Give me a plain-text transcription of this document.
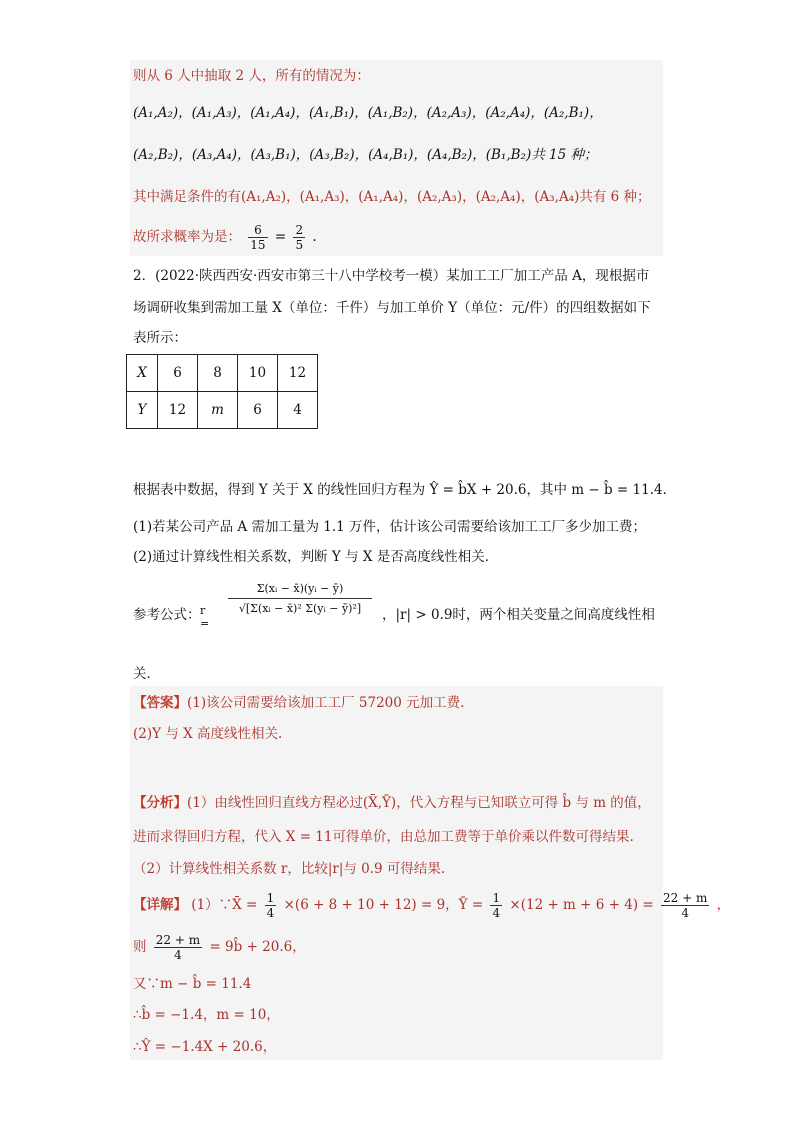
则从 6 人中抽取 2 人，所有的情况为：
(A₁,A₂)，(A₁,A₃)，(A₁,A₄)，(A₁,B₁)，(A₁,B₂)，(A₂,A₃)，(A₂,A₄)，(A₂,B₁)，
(A₂,B₂)，(A₃,A₄)，(A₃,B₁)，(A₃,B₂)，(A₄,B₁)，(A₄,B₂)，(B₁,B₂)共 15 种；
其中满足条件的有(A₁,A₂)，(A₁,A₃)，(A₁,A₄)，(A₂,A₃)，(A₂,A₄)，(A₃,A₄)共有 6 种；
故所求概率为是： $\frac{6}{15} = \frac{2}{5}$ .
2．(2022·陕西西安·西安市第三十八中学校考一模）某加工工厂加工产品 A，现根据市
场调研收集到需加工量 X（单位：千件）与加工单价 Y（单位：元/件）的四组数据如下
表所示：
X	6	8	10	12
Y	12	m	6	4
根据表中数据，得到 Y 关于 X 的线性回归方程为 Ŷ = b̂X + 20.6，其中 m − b̂ = 11.4．
(1)若某公司产品 A 需加工量为 1.1 万件，估计该公司需要给该加工工厂多少加工费；
(2)通过计算线性相关系数，判断 Y 与 X 是否高度线性相关．
参考公式： r =
Σ(xᵢ − x̄)(yᵢ − ȳ)
√[Σ(xᵢ − x̄)² Σ(yᵢ − ȳ)²]	，|r| > 0.9时，两个相关变量之间高度线性相
关．
【答案】(1)该公司需要给该加工工厂 57200 元加工费.
(2)Y 与 X 高度线性相关.
【分析】(1）由线性回归直线方程必过(X̄,Ȳ)，代入方程与已知联立可得 b̂ 与 m 的值，
进而求得回归方程，代入 X = 11可得单价，由总加工费等于单价乘以件数可得结果.
（2）计算线性相关系数 r，比较|r|与 0.9 可得结果.
【详解】 (1）∵X̄ = $\frac{1}{4} \times(6 + 8 + 10 + 12) = 9$，Ȳ = $\frac{1}{4} \times(12 + m + 6 + 4) = \frac{22 + m}{4}$ ，
则 $\frac{22 + m}{4}$ = 9b̂ + 20.6，
又∵m − b̂ = 11.4
∴b̂ = −1.4，m = 10，
∴Ŷ = −1.4X + 20.6，
